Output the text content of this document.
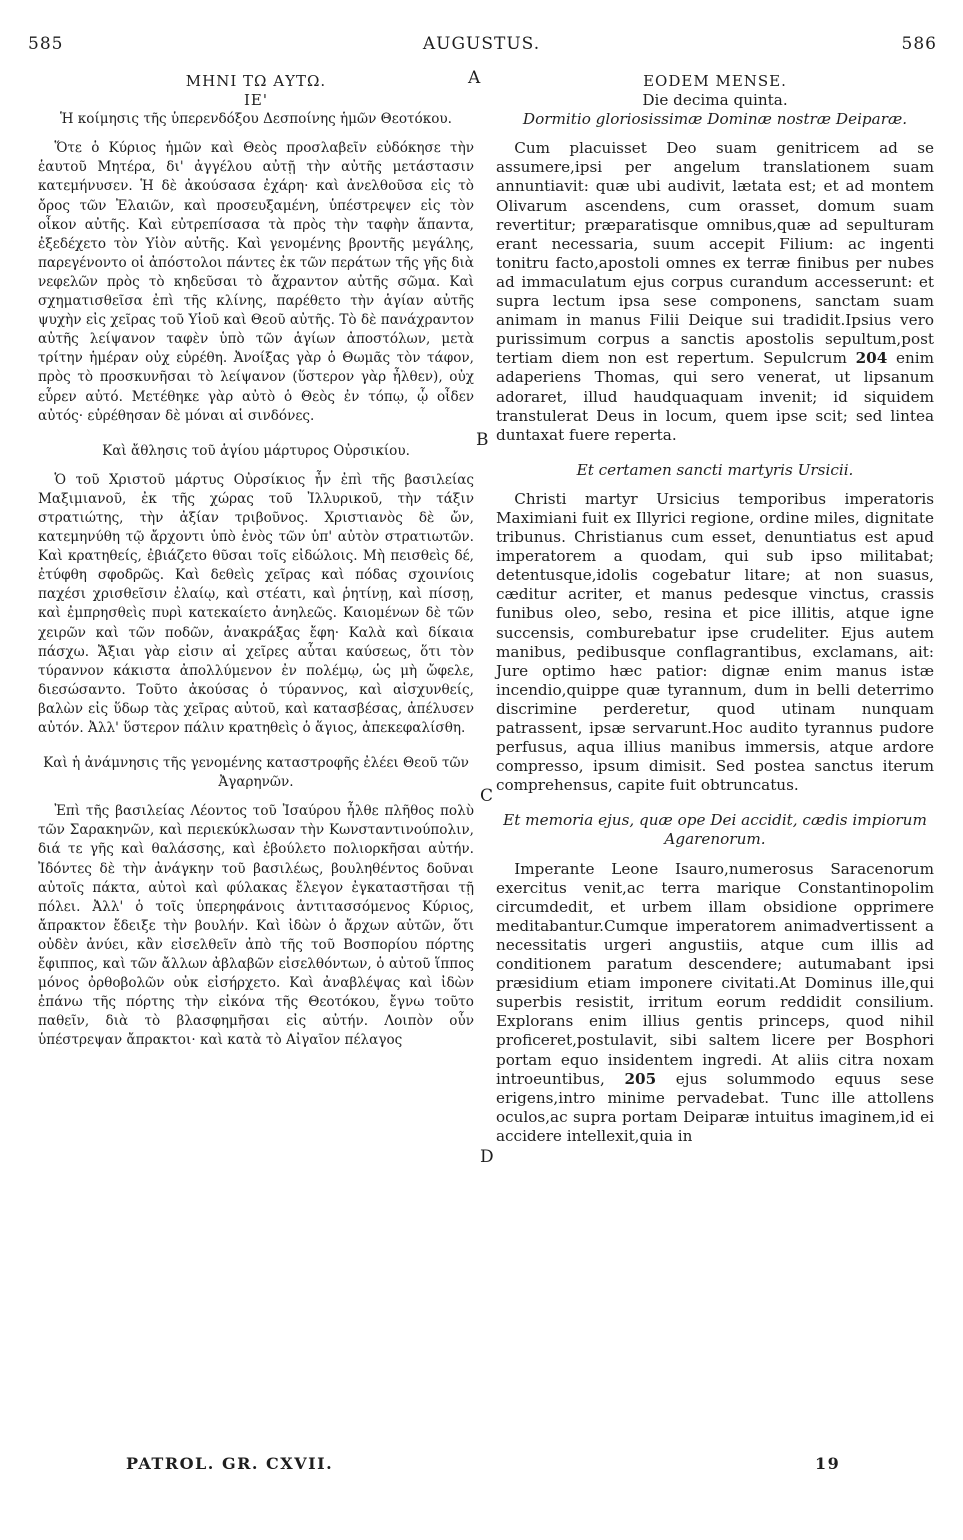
585	AUGUSTUS.	586
A
B
C
D

ΜΗΝΙ ΤΩ ΑΥΤΩ.

ΙΕ'

Ἡ κοίμησις τῆς ὑπερενδόξου Δεσποίνης ἡμῶν Θεοτόκου.

Ὅτε ὁ Κύριος ἡμῶν καὶ Θεὸς προσλαβεῖν εὐδόκησε τὴν ἑαυτοῦ Μητέρα, δι' ἀγγέλου αὐτῇ τὴν αὐτῆς μετάστασιν κατεμήνυσεν. Ἡ δὲ ἀκούσασα ἐχάρη· καὶ ἀνελθοῦσα εἰς τὸ ὄρος τῶν Ἐλαιῶν, καὶ προσευξαμένη, ὑπέστρεψεν εἰς τὸν οἶκον αὐτῆς. Καὶ εὐτρεπίσασα τὰ πρὸς τὴν ταφὴν ἅπαντα, ἐξεδέχετο τὸν Υἱὸν αὐτῆς. Καὶ γενομένης βροντῆς μεγάλης, παρεγένοντο οἱ ἀπόστολοι πάντες ἐκ τῶν περάτων τῆς γῆς διὰ νεφελῶν πρὸς τὸ κηδεῦσαι τὸ ἄχραντον αὐτῆς σῶμα. Καὶ σχηματισθεῖσα ἐπὶ τῆς κλίνης, παρέθετο τὴν ἁγίαν αὐτῆς ψυχὴν εἰς χεῖρας τοῦ Υἱοῦ καὶ Θεοῦ αὐτῆς. Τὸ δὲ πανάχραντον αὐτῆς λείψανον ταφὲν ὑπὸ τῶν ἁγίων ἀποστόλων, μετὰ τρίτην ἡμέραν οὐχ εὑρέθη. Ἀνοίξας γὰρ ὁ Θωμᾶς τὸν τάφον, πρὸς τὸ προσκυνῆσαι τὸ λείψανον (ὕστερον γὰρ ἦλθεν), οὐχ εὗρεν αὐτό. Μετέθηκε γὰρ αὐτὸ ὁ Θεὸς ἐν τόπῳ, ᾧ οἶδεν αὐτός· εὑρέθησαν δὲ μόναι αἱ σινδόνες.

Καὶ ἄθλησις τοῦ ἁγίου μάρτυρος Οὐρσικίου.

Ὁ τοῦ Χριστοῦ μάρτυς Οὐρσίκιος ἦν ἐπὶ τῆς βασιλείας Μαξιμιανοῦ, ἐκ τῆς χώρας τοῦ Ἰλλυρικοῦ, τὴν τάξιν στρατιώτης, τὴν ἀξίαν τριβοῦνος. Χριστιανὸς δὲ ὤν, κατεμηνύθη τῷ ἄρχοντι ὑπὸ ἑνὸς τῶν ὑπ' αὐτὸν στρατιωτῶν. Καὶ κρατηθείς, ἐβιάζετο θῦσαι τοῖς εἰδώλοις. Μὴ πεισθεὶς δέ, ἐτύφθη σφοδρῶς. Καὶ δεθεὶς χεῖρας καὶ πόδας σχοινίοις παχέσι χρισθεῖσιν ἐλαίῳ, καὶ στέατι, καὶ ῥητίνῃ, καὶ πίσσῃ, καὶ ἐμπρησθεὶς πυρὶ κατεκαίετο ἀνηλεῶς. Καιομένων δὲ τῶν χειρῶν καὶ τῶν ποδῶν, ἀνακράξας ἔφη· Καλὰ καὶ δίκαια πάσχω. Ἄξιαι γὰρ εἰσιν αἱ χεῖρες αὗται καύσεως, ὅτι τὸν τύραννον κάκιστα ἀπολλύμενον ἐν πολέμῳ, ὡς μὴ ὤφελε, διεσώσαντο. Τοῦτο ἀκούσας ὁ τύραννος, καὶ αἰσχυνθείς, βαλὼν εἰς ὕδωρ τὰς χεῖρας αὐτοῦ, καὶ κατασβέσας, ἀπέλυσεν αὐτόν. Ἀλλ' ὕστερον πάλιν κρατηθεὶς ὁ ἅγιος, ἀπεκεφαλίσθη.

Καὶ ἡ ἀνάμνησις τῆς γενομένης καταστροφῆς ἐλέει Θεοῦ τῶν Ἀγαρηνῶν.

Ἐπὶ τῆς βασιλείας Λέοντος τοῦ Ἰσαύρου ἦλθε πλῆθος πολὺ τῶν Σαρακηνῶν, καὶ περιεκύκλωσαν τὴν Κωνσταντινούπολιν, διά τε γῆς καὶ θαλάσσης, καὶ ἐβούλετο πολιορκῆσαι αὐτήν. Ἰδόντες δὲ τὴν ἀνάγκην τοῦ βασιλέως, βουληθέντος δοῦναι αὐτοῖς πάκτα, αὐτοὶ καὶ φύλακας ἔλεγον ἐγκαταστῆσαι τῇ πόλει. Ἀλλ' ὁ τοῖς ὑπερηφάνοις ἀντιτασσόμενος Κύριος, ἄπρακτον ἔδειξε τὴν βουλήν. Καὶ ἰδὼν ὁ ἄρχων αὐτῶν, ὅτι οὐδὲν ἀνύει, κἂν εἰσελθεῖν ἀπὸ τῆς τοῦ Βοσπορίου πόρτης ἔφιππος, καὶ τῶν ἄλλων ἀβλαβῶν εἰσελθόντων, ὁ αὐτοῦ ἵππος μόνος ὀρθοβολῶν οὐκ εἰσήρχετο. Καὶ ἀναβλέψας καὶ ἰδὼν ἐπάνω τῆς πόρτης τὴν εἰκόνα τῆς Θεοτόκου, ἔγνω τοῦτο παθεῖν, διὰ τὸ βλασφημῆσαι εἰς αὐτήν. Λοιπὸν οὖν ὑπέστρεψαν ἄπρακτοι· καὶ κατὰ τὸ Αἰγαῖον πέλαγος

EODEM MENSE.

Die decima quinta.

Dormitio gloriosissimæ Dominæ nostræ Deiparæ.

Cum placuisset Deo suam genitricem ad se assumere,ipsi per angelum translationem suam annuntiavit: quæ ubi audivit, lætata est; et ad montem Olivarum ascendens, cum orasset, domum suam revertitur; præparatisque omnibus,quæ ad sepulturam erant necessaria, suum accepit Filium: ac ingenti tonitru facto,apostoli omnes ex terræ finibus per nubes ad immaculatum ejus corpus curandum accesserunt: et supra lectum ipsa sese componens, sanctam suam animam in manus Filii Deique sui tradidit.Ipsius vero purissimum corpus a sanctis apostolis sepultum,post tertiam diem non est repertum. Sepulcrum 204 enim adaperiens Thomas, qui sero venerat, ut lipsanum adoraret, illud haudquaquam invenit; id siquidem transtulerat Deus in locum, quem ipse scit; sed lintea duntaxat fuere reperta.

Et certamen sancti martyris Ursicii.

Christi martyr Ursicius temporibus imperatoris Maximiani fuit ex Illyrici regione, ordine miles, dignitate tribunus. Christianus cum esset, denuntiatus est apud imperatorem a quodam, qui sub ipso militabat; detentusque,idolis cogebatur litare; at non suasus, cæditur acriter, et manus pedesque vinctus, crassis funibus oleo, sebo, resina et pice illitis, atque igne succensis, comburebatur ipse crudeliter. Ejus autem manibus, pedibusque conflagrantibus, exclamans, ait: Jure optimo hæc patior: dignæ enim manus istæ incendio,quippe quæ tyrannum, dum in belli deterrimo discrimine perderetur, quod utinam nunquam patrassent, ipsæ servarunt.Hoc audito tyrannus pudore perfusus, aqua illius manibus immersis, atque ardore compresso, ipsum dimisit. Sed postea sanctus iterum comprehensus, capite fuit obtruncatus.

Et memoria ejus, quæ ope Dei accidit, cædis impiorum Agarenorum.

Imperante Leone Isauro,numerosus Saracenorum exercitus venit,ac terra marique Constantinopolim circumdedit, et urbem illam obsidione opprimere meditabantur.Cumque imperatorem animadvertissent a necessitatis urgeri angustiis, atque cum illis ad conditionem paratum descendere; autumabant ipsi præsidium etiam imponere civitati.At Dominus ille,qui superbis resistit, irritum eorum reddidit consilium. Explorans enim illius gentis princeps, quod nihil proficeret,postulavit, sibi saltem licere per Bosphori portam equo insidentem ingredi. At aliis citra noxam introeuntibus, 205 ejus solummodo equus sese erigens,intro minime pervadebat. Tunc ille attollens oculos,ac supra portam Deiparæ intuitus imaginem,id ei accidere intellexit,quia in

PATROL. GR. CXVII.	19
